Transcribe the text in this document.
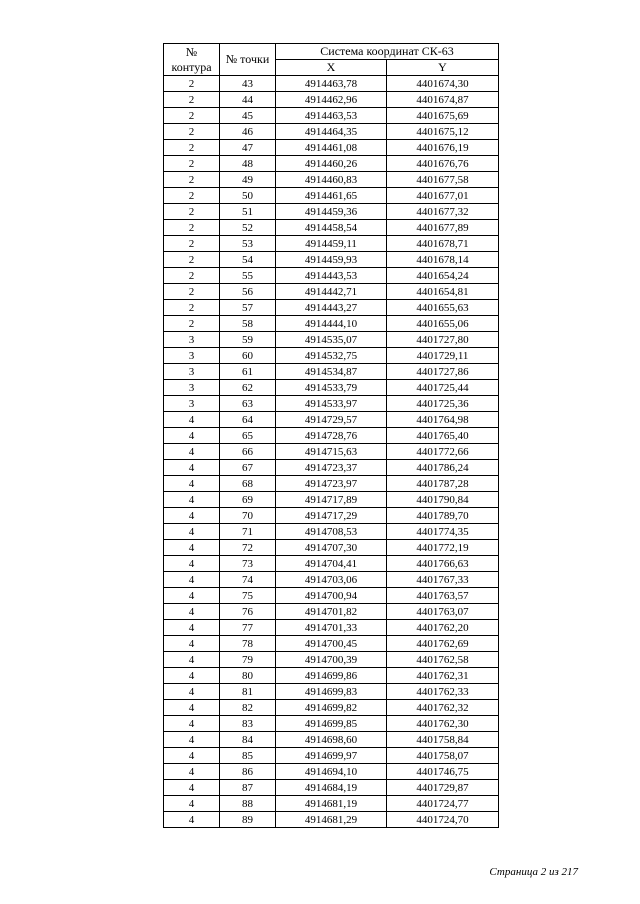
№
контура	№ точки	Система координат СК-63	
		X	Y
2	43	4914463,78	4401674,30
2	44	4914462,96	4401674,87
2	45	4914463,53	4401675,69
2	46	4914464,35	4401675,12
2	47	4914461,08	4401676,19
2	48	4914460,26	4401676,76
2	49	4914460,83	4401677,58
2	50	4914461,65	4401677,01
2	51	4914459,36	4401677,32
2	52	4914458,54	4401677,89
2	53	4914459,11	4401678,71
2	54	4914459,93	4401678,14
2	55	4914443,53	4401654,24
2	56	4914442,71	4401654,81
2	57	4914443,27	4401655,63
2	58	4914444,10	4401655,06
3	59	4914535,07	4401727,80
3	60	4914532,75	4401729,11
3	61	4914534,87	4401727,86
3	62	4914533,79	4401725,44
3	63	4914533,97	4401725,36
4	64	4914729,57	4401764,98
4	65	4914728,76	4401765,40
4	66	4914715,63	4401772,66
4	67	4914723,37	4401786,24
4	68	4914723,97	4401787,28
4	69	4914717,89	4401790,84
4	70	4914717,29	4401789,70
4	71	4914708,53	4401774,35
4	72	4914707,30	4401772,19
4	73	4914704,41	4401766,63
4	74	4914703,06	4401767,33
4	75	4914700,94	4401763,57
4	76	4914701,82	4401763,07
4	77	4914701,33	4401762,20
4	78	4914700,45	4401762,69
4	79	4914700,39	4401762,58
4	80	4914699,86	4401762,31
4	81	4914699,83	4401762,33
4	82	4914699,82	4401762,32
4	83	4914699,85	4401762,30
4	84	4914698,60	4401758,84
4	85	4914699,97	4401758,07
4	86	4914694,10	4401746,75
4	87	4914684,19	4401729,87
4	88	4914681,19	4401724,77
4	89	4914681,29	4401724,70
Страница 2 из 217
